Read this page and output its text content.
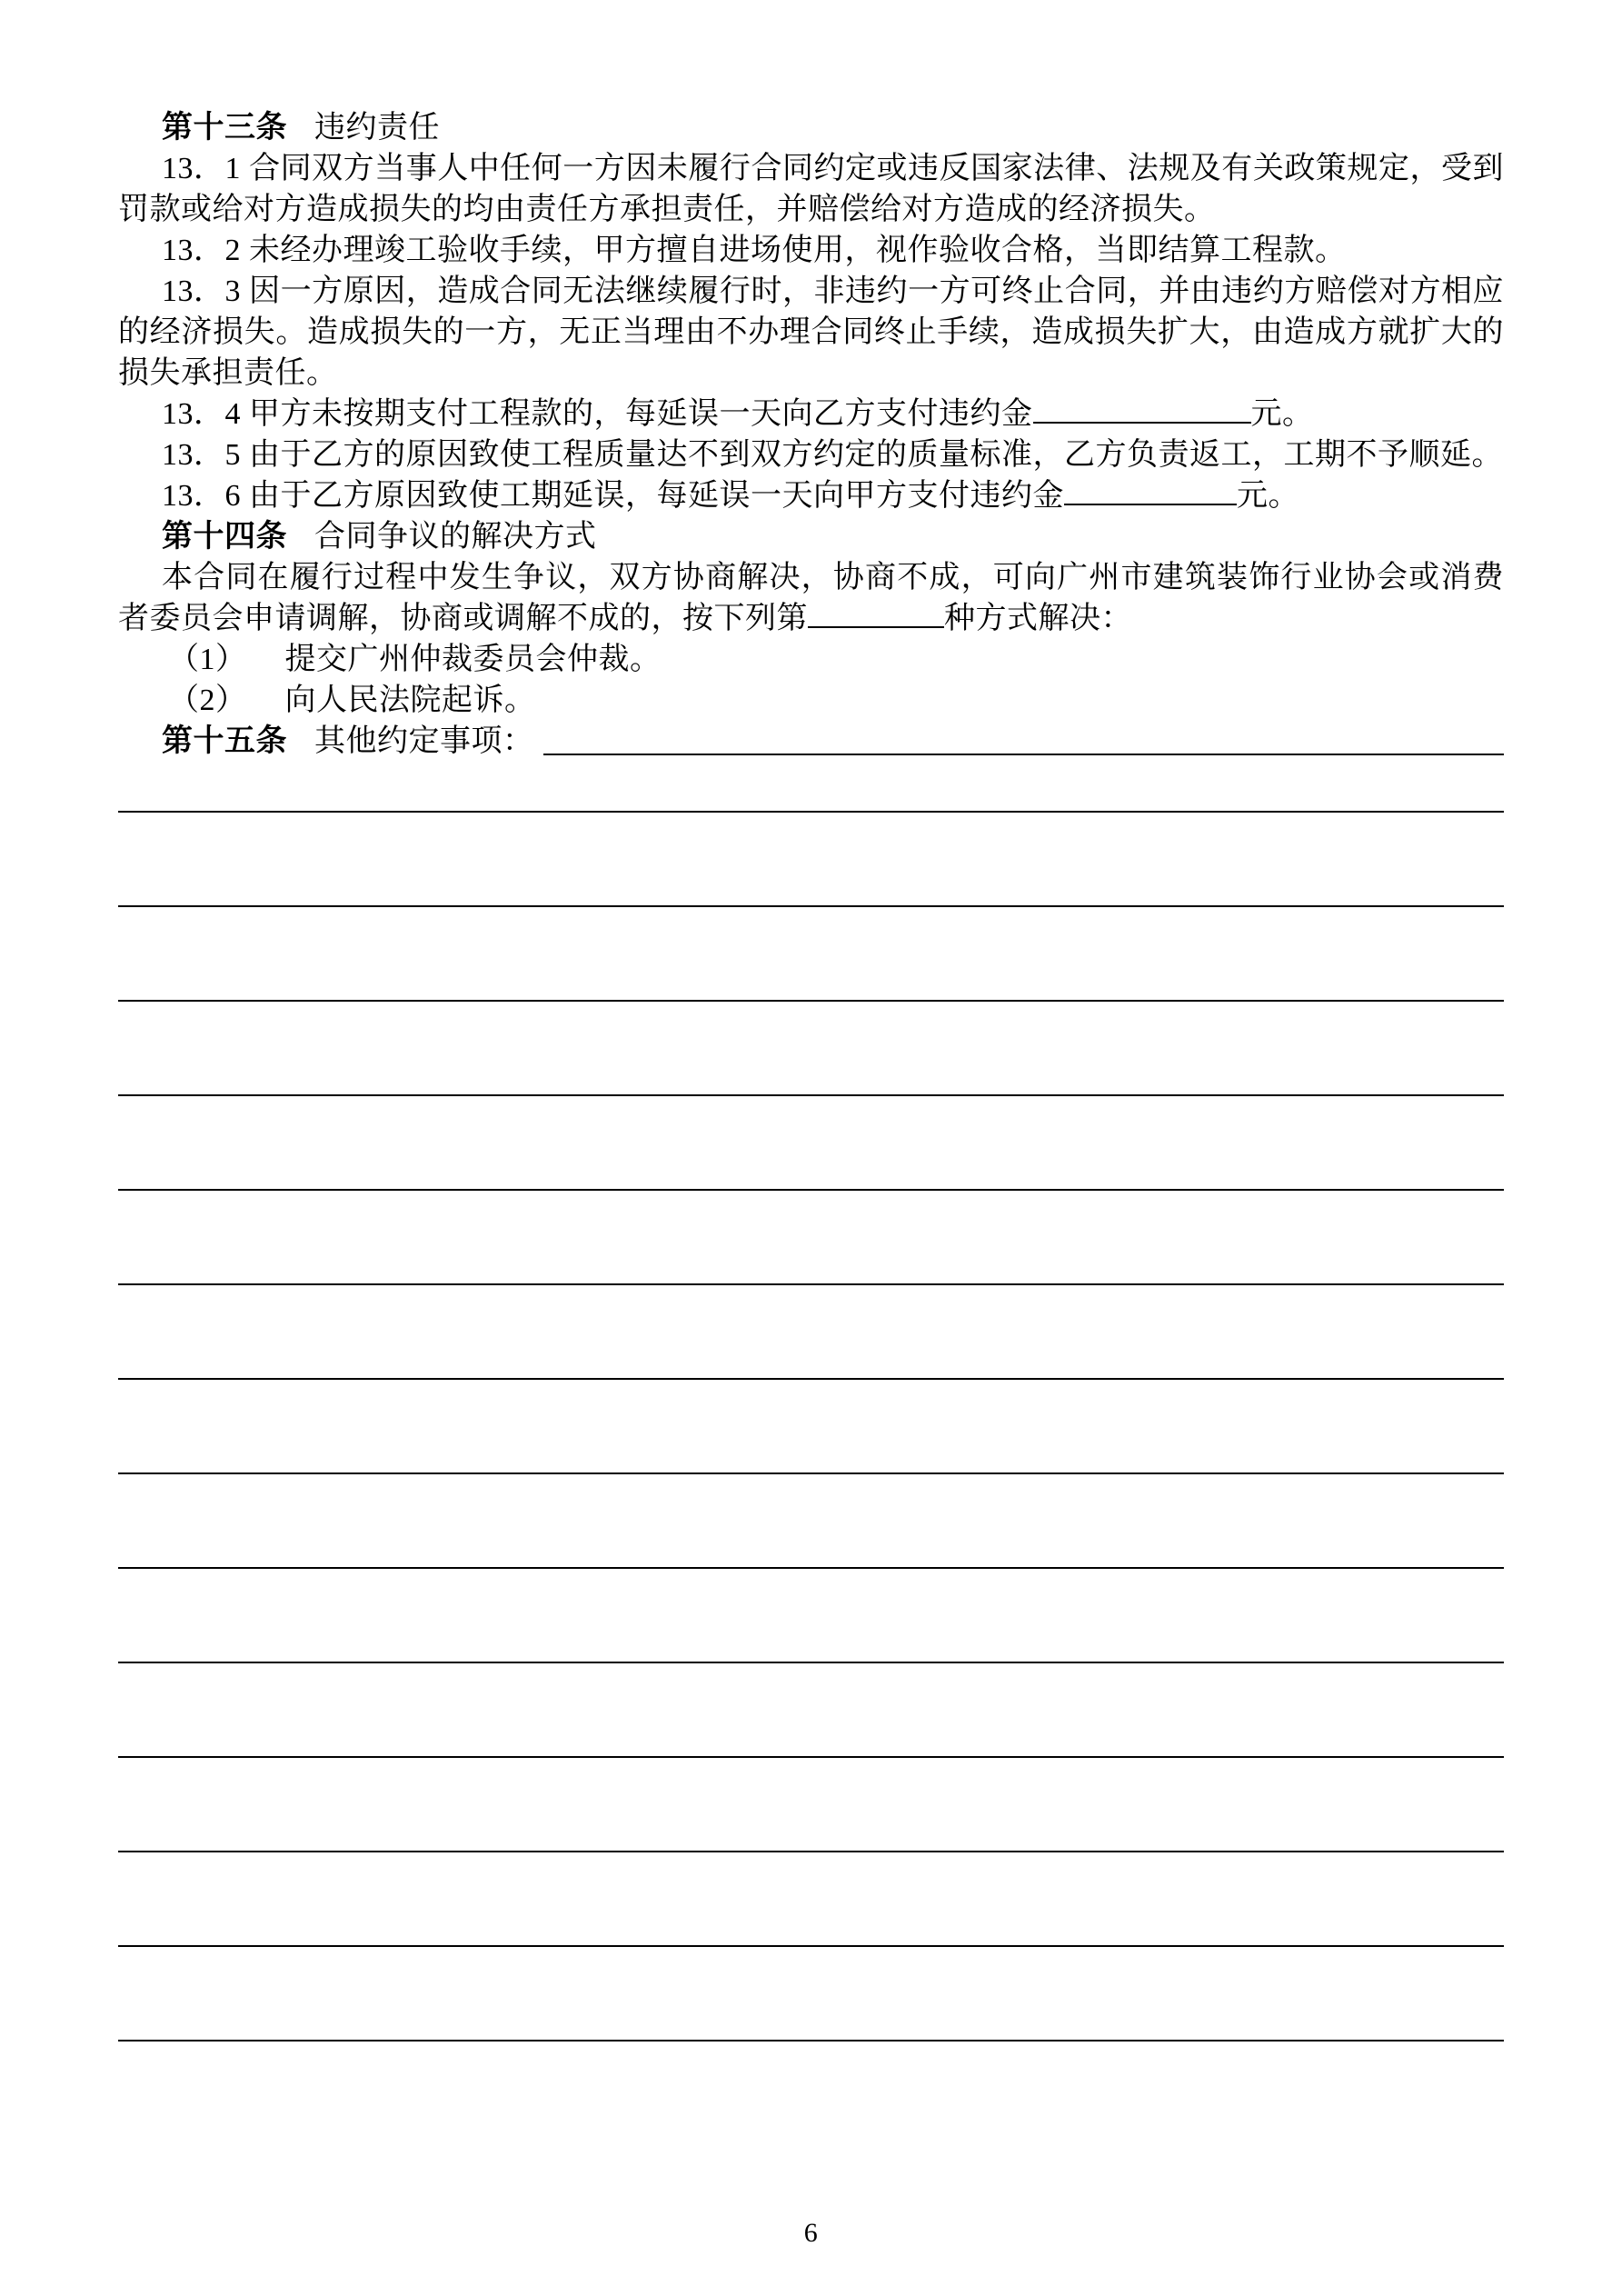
第十三条 违约责任

13．1 合同双方当事人中任何一方因未履行合同约定或违反国家法律、法规及有关政策规定，受到罚款或给对方造成损失的均由责任方承担责任，并赔偿给对方造成的经济损失。

13．2 未经办理竣工验收手续，甲方擅自进场使用，视作验收合格，当即结算工程款。

13．3 因一方原因，造成合同无法继续履行时，非违约一方可终止合同，并由违约方赔偿对方相应的经济损失。造成损失的一方，无正当理由不办理合同终止手续，造成损失扩大，由造成方就扩大的损失承担责任。

13．4 甲方未按期支付工程款的，每延误一天向乙方支付违约金	元。

13．5 由于乙方的原因致使工程质量达不到双方约定的质量标准，乙方负责返工，工期不予顺延。

13．6 由于乙方原因致使工期延误，每延误一天向甲方支付违约金	元。

第十四条 合同争议的解决方式

本合同在履行过程中发生争议，双方协商解决，协商不成，可向广州市建筑装饰行业协会或消费者委员会申请调解，协商或调解不成的，按下列第	种方式解决：

（1） 提交广州仲裁委员会仲裁。

（2） 向人民法院起诉。

第十五条 其他约定事项：

6
